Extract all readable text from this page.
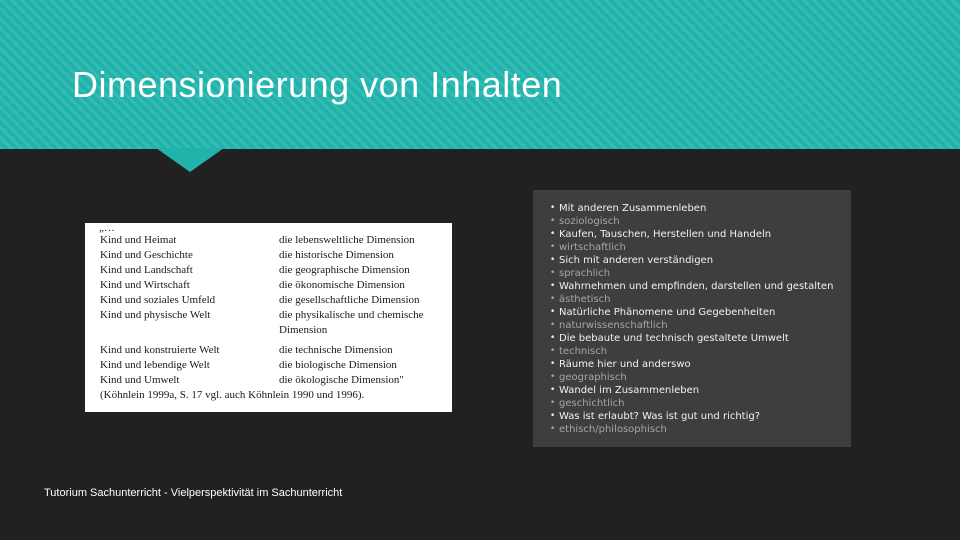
Dimensionierung von Inhalten
„…
Kind und Heimat	die lebensweltliche Dimension
Kind und Geschichte	die historische Dimension
Kind und Landschaft	die geographische Dimension
Kind und Wirtschaft	die ökonomische Dimension
Kind und soziales Umfeld	die gesellschaftliche Dimension
Kind und physische Welt	die physikalische und chemische
Dimension
Kind und konstruierte Welt	die technische Dimension
Kind und lebendige Welt	die biologische Dimension
Kind und Umwelt	die ökologische Dimension"
(Köhnlein 1999a, S. 17 vgl. auch Köhnlein 1990 und 1996).
• Mit anderen Zusammenleben
• soziologisch
• Kaufen, Tauschen, Herstellen und Handeln
• wirtschaftlich
• Sich mit anderen verständigen
• sprachlich
• Wahrnehmen und empfinden, darstellen und gestalten
• ästhetisch
• Natürliche Phänomene und Gegebenheiten
• naturwissenschaftlich
• Die bebaute und technisch gestaltete Umwelt
• technisch
• Räume hier und anderswo
• geographisch
• Wandel im Zusammenleben
• geschichtlich
• Was ist erlaubt? Was ist gut und richtig?
• ethisch/philosophisch
Tutorium Sachunterricht - Vielperspektivität im Sachunterricht
